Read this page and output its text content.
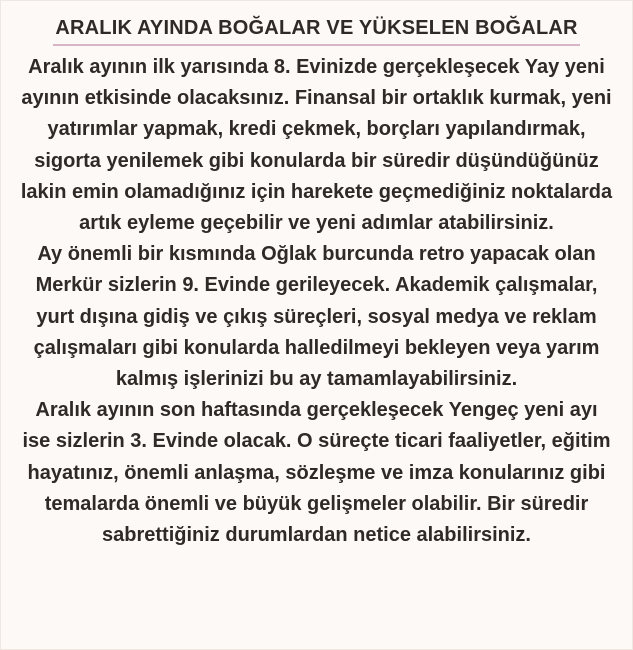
ARALIK AYINDA BOĞALAR VE YÜKSELEN BOĞALAR

Aralık ayının ilk yarısında 8. Evinizde gerçekleşecek Yay yeni ayının etkisinde olacaksınız. Finansal bir ortaklık kurmak, yeni yatırımlar yapmak, kredi çekmek, borçları yapılandırmak, sigorta yenilemek gibi konularda bir süredir düşündüğünüz lakin emin olamadığınız için harekete geçmediğiniz noktalarda artık eyleme geçebilir ve yeni adımlar atabilirsiniz.

Ay önemli bir kısmında Oğlak burcunda retro yapacak olan Merkür sizlerin 9. Evinde gerileyecek. Akademik çalışmalar, yurt dışına gidiş ve çıkış süreçleri, sosyal medya ve reklam çalışmaları gibi konularda halledilmeyi bekleyen veya yarım kalmış işlerinizi bu ay tamamlayabilirsiniz.

Aralık ayının son haftasında gerçekleşecek Yengeç yeni ayı ise sizlerin 3. Evinde olacak. O süreçte ticari faaliyetler, eğitim hayatınız, önemli anlaşma, sözleşme ve imza konularınız gibi temalarda önemli ve büyük gelişmeler olabilir. Bir süredir sabrettiğiniz durumlardan netice alabilirsiniz.
